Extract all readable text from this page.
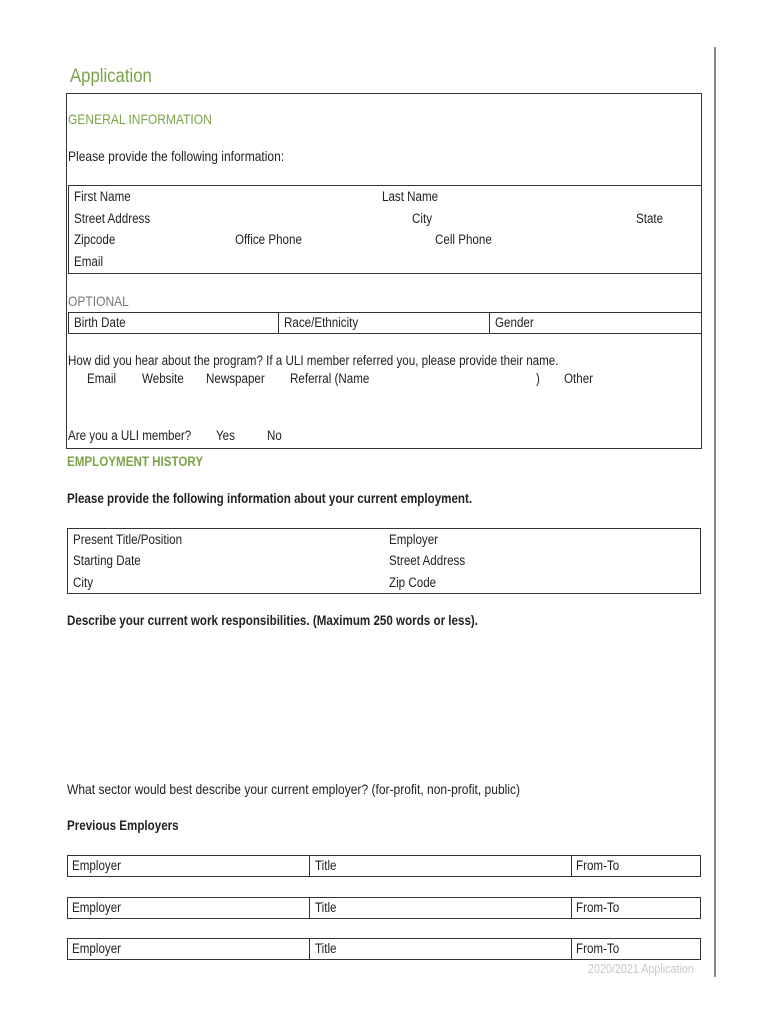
Application
GENERAL INFORMATION
Please provide the following information:
First Name	Last Name
Street Address	City	State
Zipcode	Office Phone	Cell Phone
Email
OPTIONAL
Birth Date	Race/Ethnicity	Gender
How did you hear about the program? If a ULI member referred you, please provide their name.
Email Website Newspaper Referral (Name	) Other
Are you a ULI member? Yes No
EMPLOYMENT HISTORY
Please provide the following information about your current employment.
Present Title/Position	Employer
Starting Date	Street Address
City	Zip Code
Describe your current work responsibilities. (Maximum 250 words or less).
What sector would best describe your current employer? (for-profit, non-profit, public)
Previous Employers
Employer	Title	From-To
Employer	Title	From-To
Employer	Title	From-To
2020/2021 Application
